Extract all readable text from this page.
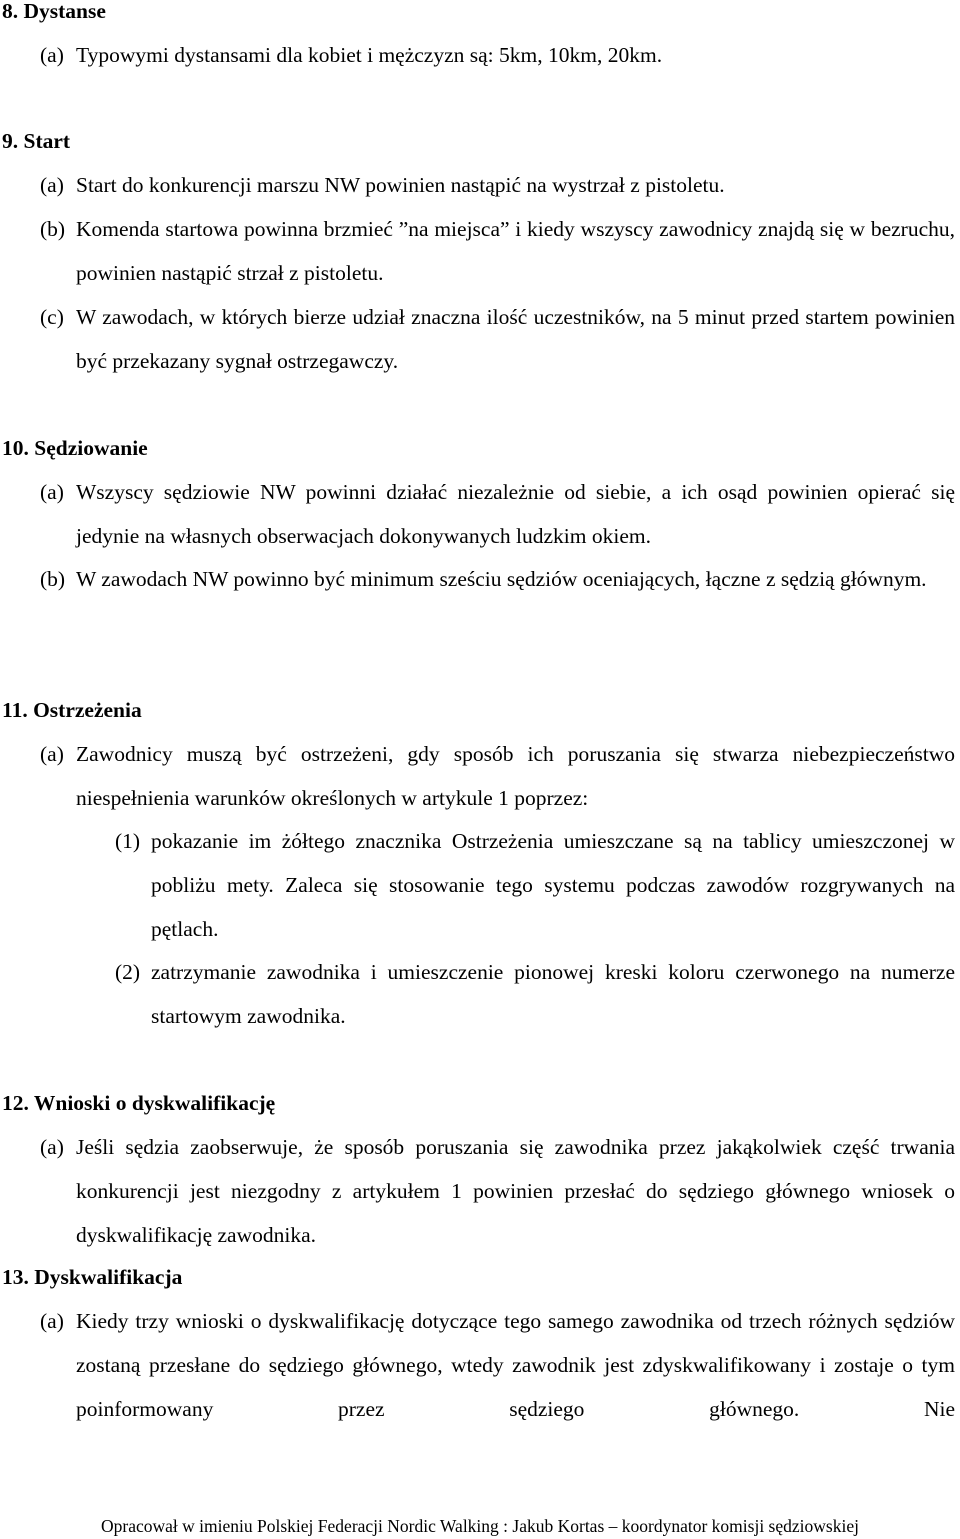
8. Dystanse
(a) Typowymi dystansami dla kobiet i mężczyzn są: 5km, 10km, 20km.
9. Start
(a) Start do konkurencji marszu NW powinien nastąpić na wystrzał z pistoletu.
(b) Komenda startowa powinna brzmieć ”na miejsca” i kiedy wszyscy zawodnicy znajdą się w bezruchu, powinien nastąpić strzał z pistoletu.
(c) W zawodach, w których bierze udział znaczna ilość uczestników, na 5 minut przed startem powinien być przekazany sygnał ostrzegawczy.
10. Sędziowanie
(a) Wszyscy sędziowie NW powinni działać niezależnie od siebie, a ich osąd powinien opierać się jedynie na własnych obserwacjach dokonywanych ludzkim okiem.
(b) W zawodach NW powinno być minimum sześciu sędziów oceniających, łączne z sędzią głównym.
11. Ostrzeżenia
(a) Zawodnicy muszą być ostrzeżeni, gdy sposób ich poruszania się stwarza niebezpieczeństwo niespełnienia warunków określonych w artykule 1 poprzez:
(1) pokazanie im żółtego znacznika Ostrzeżenia umieszczane są na tablicy umieszczonej w pobliżu mety. Zaleca się stosowanie tego systemu podczas zawodów rozgrywanych na pętlach.
(2) zatrzymanie zawodnika i umieszczenie pionowej kreski koloru czerwonego na numerze startowym zawodnika.
12. Wnioski o dyskwalifikację
(a) Jeśli sędzia zaobserwuje, że sposób poruszania się zawodnika przez jakąkolwiek część trwania konkurencji jest niezgodny z artykułem 1 powinien przesłać do sędziego głównego wniosek o dyskwalifikację zawodnika.
13. Dyskwalifikacja
(a) Kiedy trzy wnioski o dyskwalifikację dotyczące tego samego zawodnika od trzech różnych sędziów zostaną przesłane do sędziego głównego, wtedy zawodnik jest zdyskwalifikowany i zostaje o tym poinformowany przez sędziego głównego. Nie
Opracował w imieniu Polskiej Federacji Nordic Walking : Jakub Kortas – koordynator komisji sędziowskiej
